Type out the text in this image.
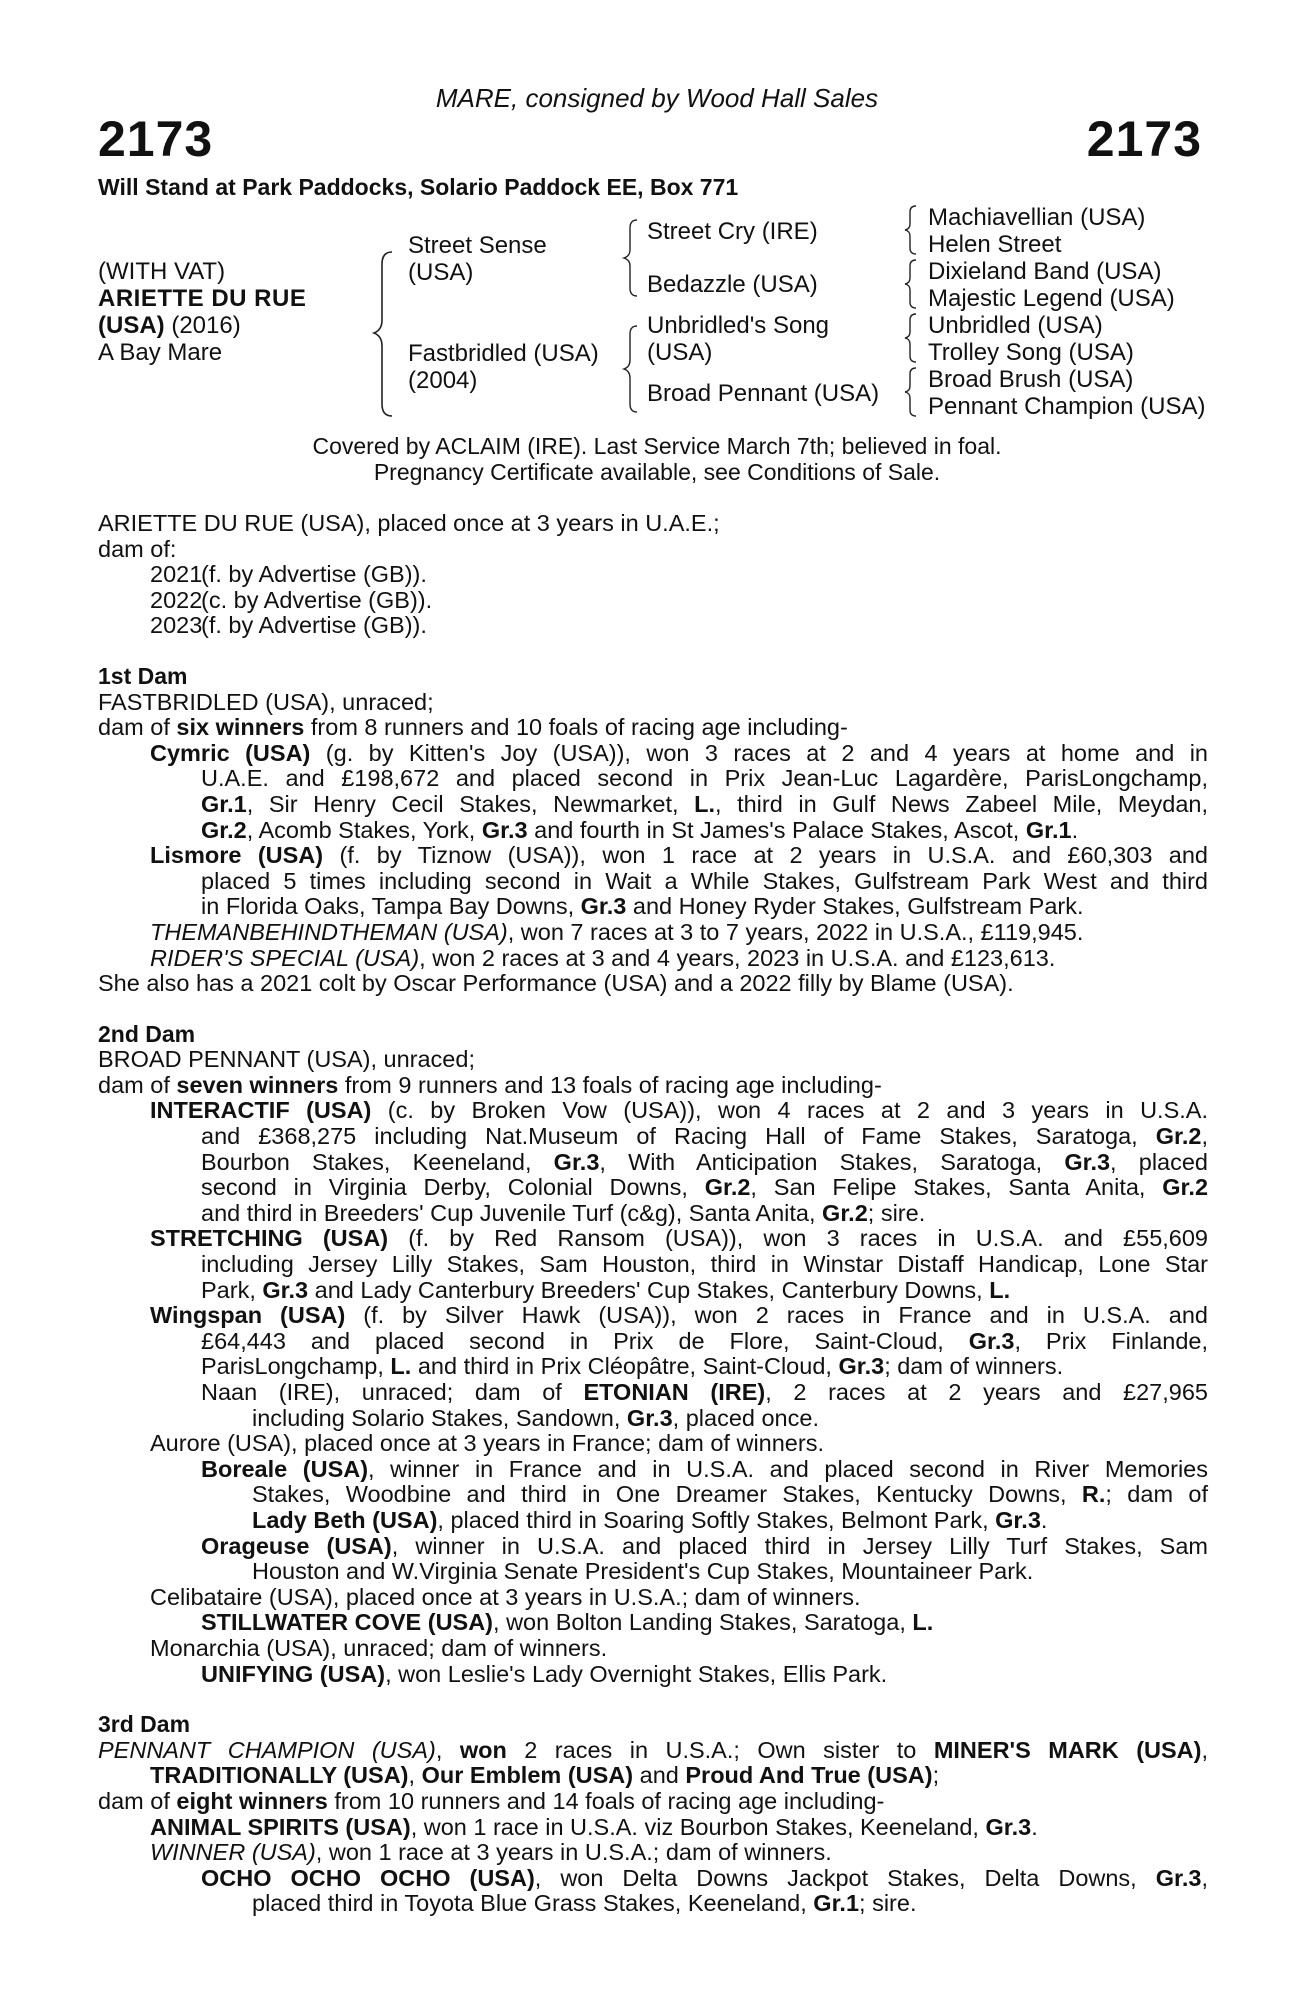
MARE, consigned by Wood Hall Sales
2173	2173
Will Stand at Park Paddocks, Solario Paddock EE, Box 771
(WITH VAT)
ARIETTE DU RUE
(USA) (2016)
A Bay Mare
Street Sense
(USA)
Fastbridled (USA)
(2004)
Street Cry (IRE)
Bedazzle (USA)
Unbridled's Song
(USA)
Broad Pennant (USA)
Machiavellian (USA)
Helen Street
Dixieland Band (USA)
Majestic Legend (USA)
Unbridled (USA)
Trolley Song (USA)
Broad Brush (USA)
Pennant Champion (USA)
Covered by ACLAIM (IRE). Last Service March 7th; believed in foal.
Pregnancy Certificate available, see Conditions of Sale.
ARIETTE DU RUE (USA), placed once at 3 years in U.A.E.;
dam of:
2021
(f. by Advertise (GB)).
2022
(c. by Advertise (GB)).
2023
(f. by Advertise (GB)).
1st Dam
FASTBRIDLED (USA), unraced;
dam of six winners from 8 runners and 10 foals of racing age including-
Cymric (USA) (g. by Kitten's Joy (USA)), won 3 races at 2 and 4 years at home and in
U.A.E. and £198,672 and placed second in Prix Jean-Luc Lagardère, ParisLongchamp,
Gr.1, Sir Henry Cecil Stakes, Newmarket, L., third in Gulf News Zabeel Mile, Meydan,
Gr.2, Acomb Stakes, York, Gr.3 and fourth in St James's Palace Stakes, Ascot, Gr.1.
Lismore (USA) (f. by Tiznow (USA)), won 1 race at 2 years in U.S.A. and £60,303 and
placed 5 times including second in Wait a While Stakes, Gulfstream Park West and third
in Florida Oaks, Tampa Bay Downs, Gr.3 and Honey Ryder Stakes, Gulfstream Park.
THEMANBEHINDTHEMAN (USA), won 7 races at 3 to 7 years, 2022 in U.S.A., £119,945.
RIDER'S SPECIAL (USA), won 2 races at 3 and 4 years, 2023 in U.S.A. and £123,613.
She also has a 2021 colt by Oscar Performance (USA) and a 2022 filly by Blame (USA).
2nd Dam
BROAD PENNANT (USA), unraced;
dam of seven winners from 9 runners and 13 foals of racing age including-
INTERACTIF (USA) (c. by Broken Vow (USA)), won 4 races at 2 and 3 years in U.S.A.
and £368,275 including Nat.Museum of Racing Hall of Fame Stakes, Saratoga, Gr.2,
Bourbon Stakes, Keeneland, Gr.3, With Anticipation Stakes, Saratoga, Gr.3, placed
second in Virginia Derby, Colonial Downs, Gr.2, San Felipe Stakes, Santa Anita, Gr.2
and third in Breeders' Cup Juvenile Turf (c&g), Santa Anita, Gr.2; sire.
STRETCHING (USA) (f. by Red Ransom (USA)), won 3 races in U.S.A. and £55,609
including Jersey Lilly Stakes, Sam Houston, third in Winstar Distaff Handicap, Lone Star
Park, Gr.3 and Lady Canterbury Breeders' Cup Stakes, Canterbury Downs, L.
Wingspan (USA) (f. by Silver Hawk (USA)), won 2 races in France and in U.S.A. and
£64,443 and placed second in Prix de Flore, Saint-Cloud, Gr.3, Prix Finlande,
ParisLongchamp, L. and third in Prix Cléopâtre, Saint-Cloud, Gr.3; dam of winners.
Naan (IRE), unraced; dam of ETONIAN (IRE), 2 races at 2 years and £27,965
including Solario Stakes, Sandown, Gr.3, placed once.
Aurore (USA), placed once at 3 years in France; dam of winners.
Boreale (USA), winner in France and in U.S.A. and placed second in River Memories
Stakes, Woodbine and third in One Dreamer Stakes, Kentucky Downs, R.; dam of
Lady Beth (USA), placed third in Soaring Softly Stakes, Belmont Park, Gr.3.
Orageuse (USA), winner in U.S.A. and placed third in Jersey Lilly Turf Stakes, Sam
Houston and W.Virginia Senate President's Cup Stakes, Mountaineer Park.
Celibataire (USA), placed once at 3 years in U.S.A.; dam of winners.
STILLWATER COVE (USA), won Bolton Landing Stakes, Saratoga, L.
Monarchia (USA), unraced; dam of winners.
UNIFYING (USA), won Leslie's Lady Overnight Stakes, Ellis Park.
3rd Dam
PENNANT CHAMPION (USA), won 2 races in U.S.A.; Own sister to MINER'S MARK (USA),
TRADITIONALLY (USA), Our Emblem (USA) and Proud And True (USA);
dam of eight winners from 10 runners and 14 foals of racing age including-
ANIMAL SPIRITS (USA), won 1 race in U.S.A. viz Bourbon Stakes, Keeneland, Gr.3.
WINNER (USA), won 1 race at 3 years in U.S.A.; dam of winners.
OCHO OCHO OCHO (USA), won Delta Downs Jackpot Stakes, Delta Downs, Gr.3,
placed third in Toyota Blue Grass Stakes, Keeneland, Gr.1; sire.
